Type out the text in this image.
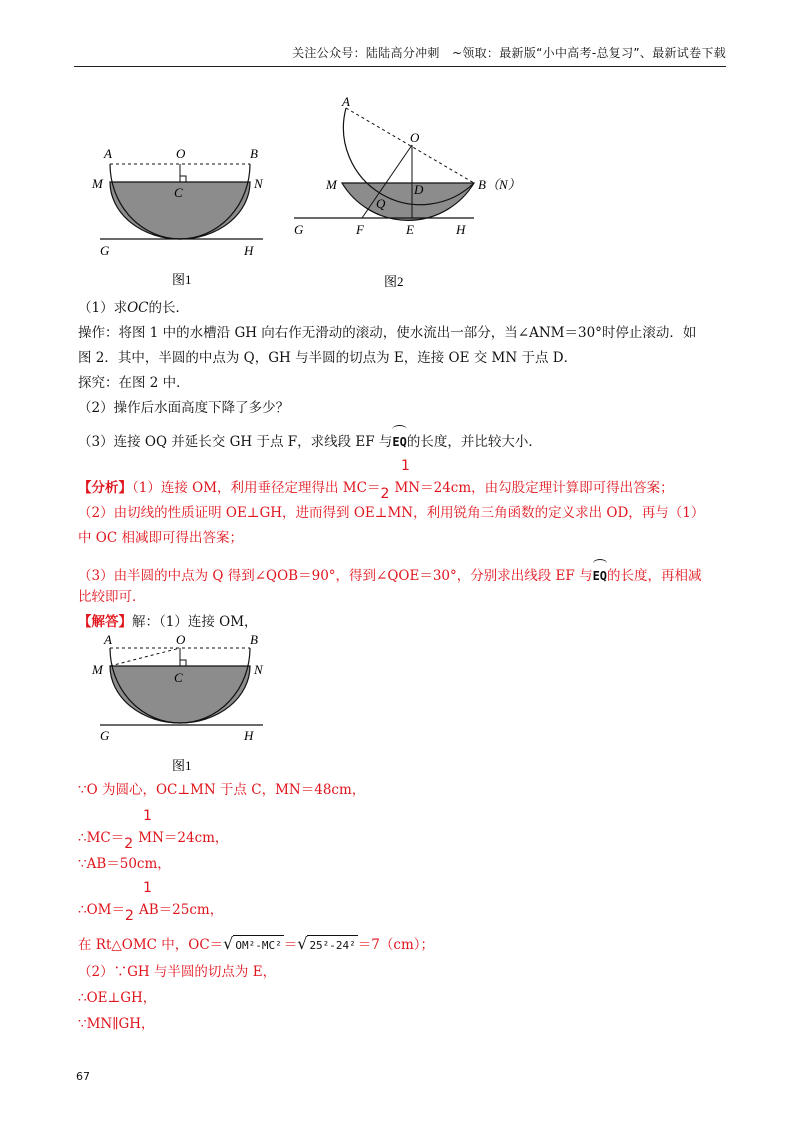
关注公众号：陆陆高分冲刺　~领取：最新版“小中高考-总复习”、最新试卷下载
A	O	B
M	N
C
G	H
图1
A
O
M	D	B（N）
Q
G	F	E	H
图2
（1）求OC的长．
操作：将图 1 中的水槽沿 GH 向右作无滑动的滚动，使水流出一部分，当∠ANM＝30°时停止滚动．如
图 2．其中，半圆的中点为 Q，GH 与半圆的切点为 E，连接 OE 交 MN 于点 D．
探究：在图 2 中．
（2）操作后水面高度下降了多少？
（3）连接 OQ 并延长交 GH 于点 F，求线段 EF 与EQ的长度，并比较大小．
1
【分析】（1）连接 OM，利用垂径定理得出 MC＝ 2 MN＝24cm，由勾股定理计算即可得出答案；
（2）由切线的性质证明 OE⊥GH，进而得到 OE⊥MN，利用锐角三角函数的定义求出 OD，再与（1）
中 OC 相减即可得出答案；
（3）由半圆的中点为 Q 得到∠QOB＝90°，得到∠QOE＝30°，分别求出线段 EF 与EQ的长度，再相减
比较即可．
【解答】解：（1）连接 OM，
A	O	B
M	N
C
G	H
图1
∵O 为圆心，OC⊥MN 于点 C，MN＝48cm，
1
∴MC＝ 2 MN＝24cm，
∵AB＝50cm，
1
∴OM＝ 2 AB＝25cm，
在 Rt△OMC 中，OC＝√ OM²-MC² ＝√ 25²-24² ＝7（cm）；
（2）∵GH 与半圆的切点为 E，
∴OE⊥GH，
∵MN∥GH，
67
